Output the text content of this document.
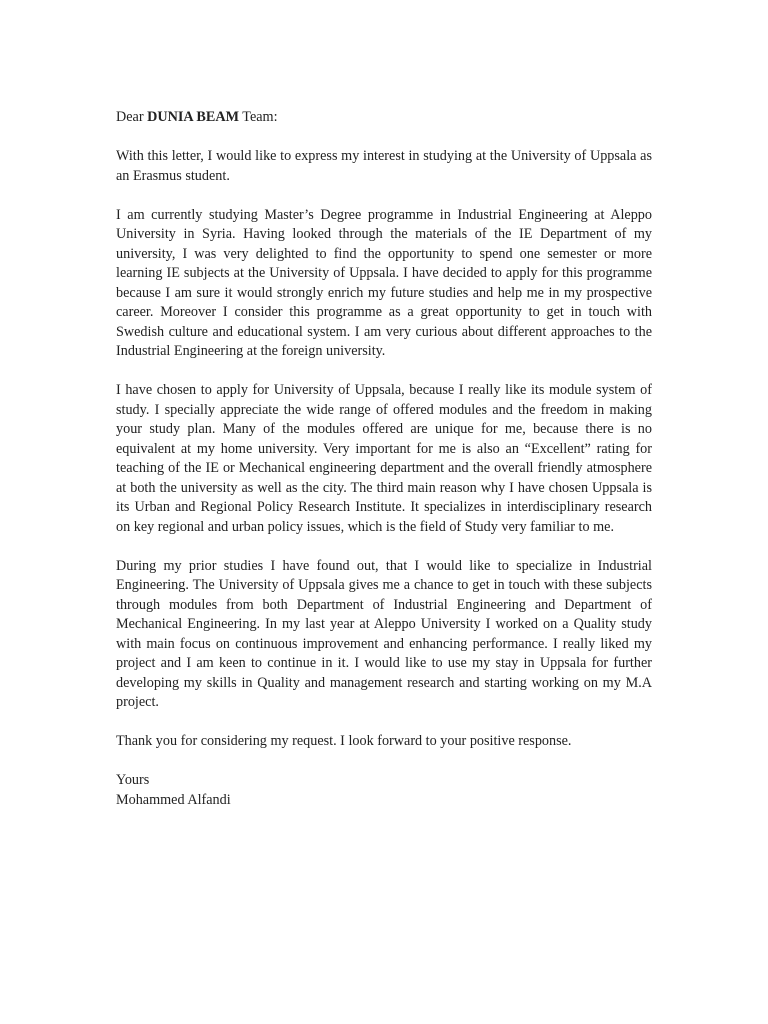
Dear DUNIA BEAM Team:

With this letter, I would like to express my interest in studying at the University of Uppsala as an Erasmus student.

I am currently studying Master’s Degree programme in Industrial Engineering at Aleppo University in Syria. Having looked through the materials of the IE Department of my university, I was very delighted to find the opportunity to spend one semester or more learning IE subjects at the University of Uppsala. I have decided to apply for this programme because I am sure it would strongly enrich my future studies and help me in my prospective career. Moreover I consider this programme as a great opportunity to get in touch with Swedish culture and educational system. I am very curious about different approaches to the Industrial Engineering at the foreign university.

I have chosen to apply for University of Uppsala, because I really like its module system of study. I specially appreciate the wide range of offered modules and the freedom in making your study plan. Many of the modules offered are unique for me, because there is no equivalent at my home university. Very important for me is also an “Excellent” rating for teaching of the IE or Mechanical engineering department and the overall friendly atmosphere at both the university as well as the city. The third main reason why I have chosen Uppsala is its Urban and Regional Policy Research Institute. It specializes in interdisciplinary research on key regional and urban policy issues, which is the field of Study very familiar to me.

During my prior studies I have found out, that I would like to specialize in Industrial Engineering. The University of Uppsala gives me a chance to get in touch with these subjects through modules from both Department of Industrial Engineering and Department of Mechanical Engineering. In my last year at Aleppo University I worked on a Quality study with main focus on continuous improvement and enhancing performance. I really liked my project and I am keen to continue in it. I would like to use my stay in Uppsala for further developing my skills in Quality and management research and starting working on my M.A project.

Thank you for considering my request. I look forward to your positive response.

Yours
Mohammed Alfandi
